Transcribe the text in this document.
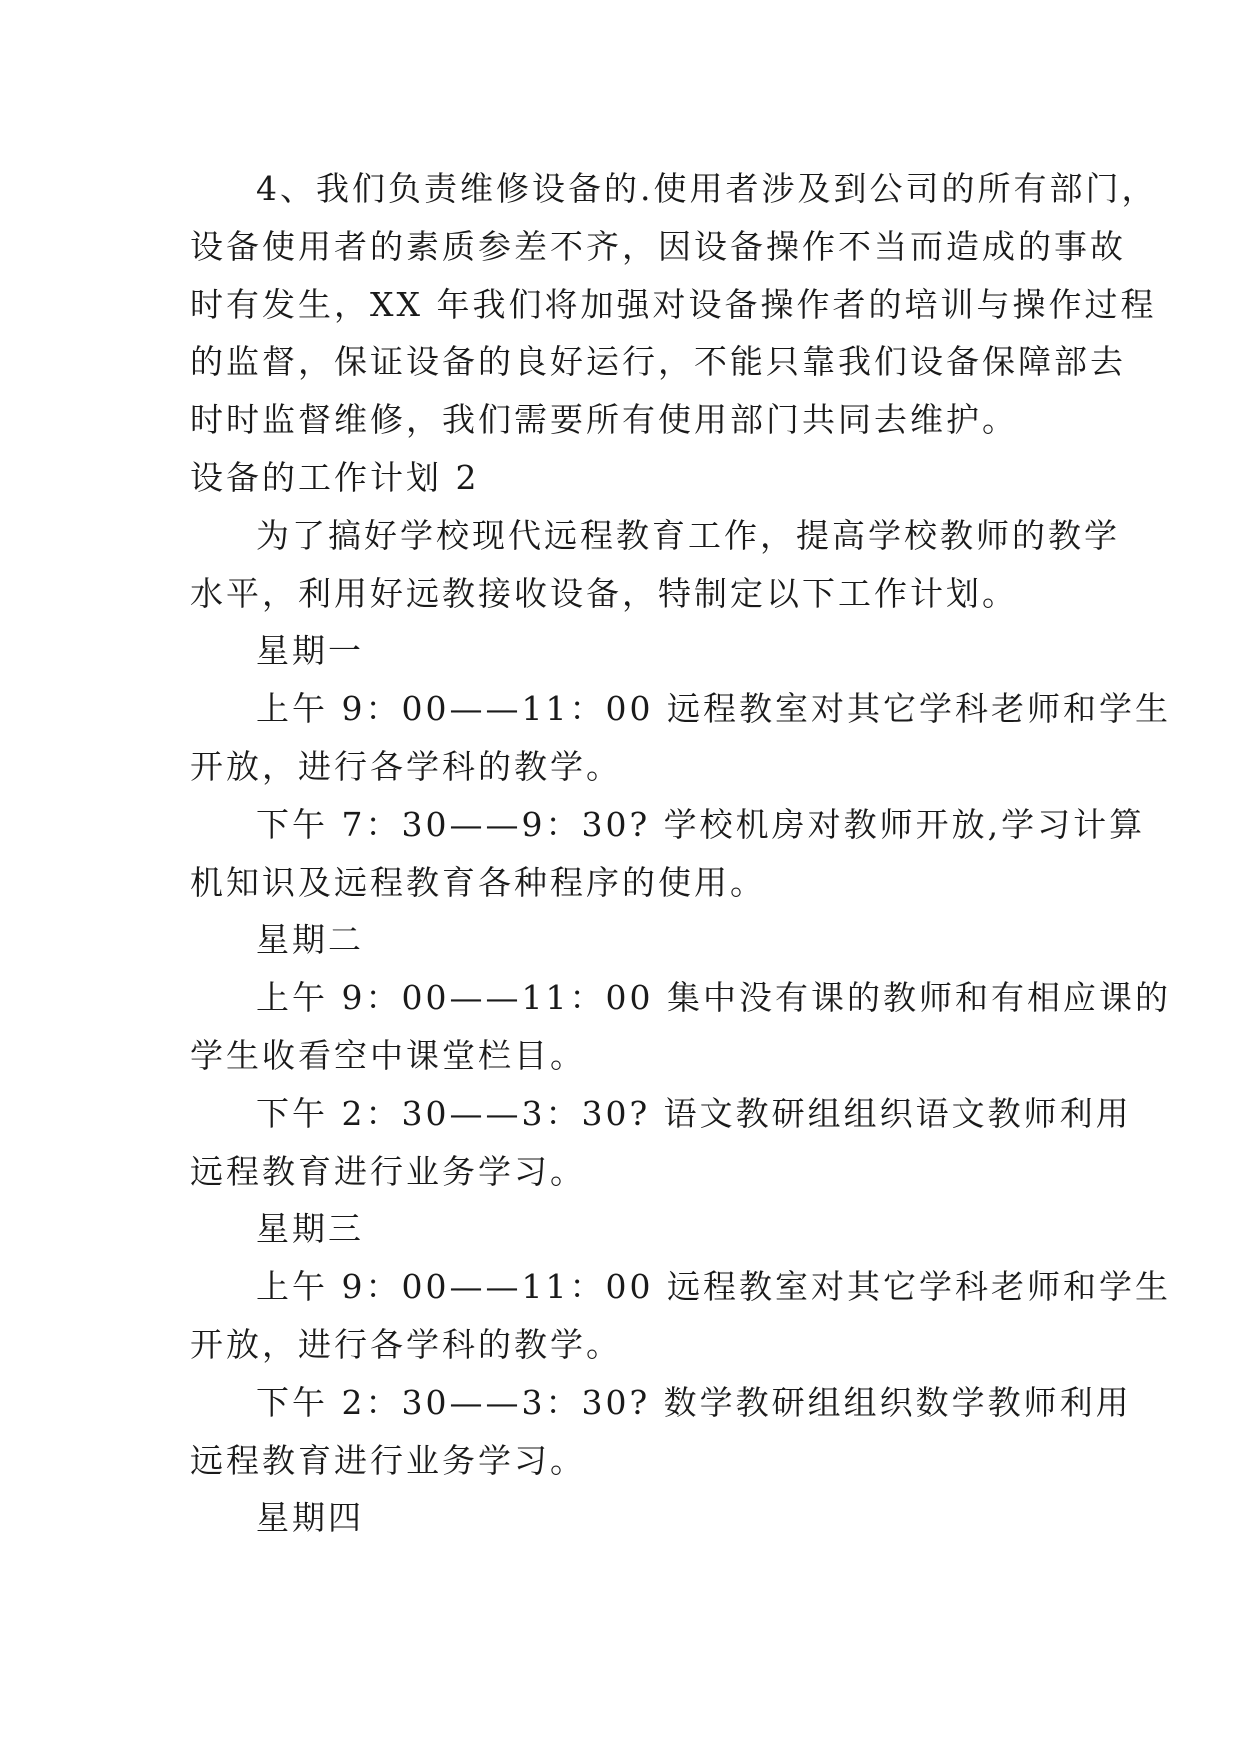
4、我们负责维修设备的.使用者涉及到公司的所有部门，
设备使用者的素质参差不齐，因设备操作不当而造成的事故
时有发生，XX 年我们将加强对设备操作者的培训与操作过程
的监督，保证设备的良好运行，不能只靠我们设备保障部去
时时监督维修，我们需要所有使用部门共同去维护。

设备的工作计划 2

为了搞好学校现代远程教育工作，提高学校教师的教学
水平，利用好远教接收设备，特制定以下工作计划。

星期一

上午 9：00——11：00 远程教室对其它学科老师和学生
开放，进行各学科的教学。

下午 7：30——9：30? 学校机房对教师开放,学习计算
机知识及远程教育各种程序的使用。

星期二

上午 9：00——11：00 集中没有课的教师和有相应课的
学生收看空中课堂栏目。

下午 2：30——3：30? 语文教研组组织语文教师利用
远程教育进行业务学习。

星期三

上午 9：00——11：00 远程教室对其它学科老师和学生
开放，进行各学科的教学。

下午 2：30——3：30? 数学教研组组织数学教师利用
远程教育进行业务学习。

星期四
